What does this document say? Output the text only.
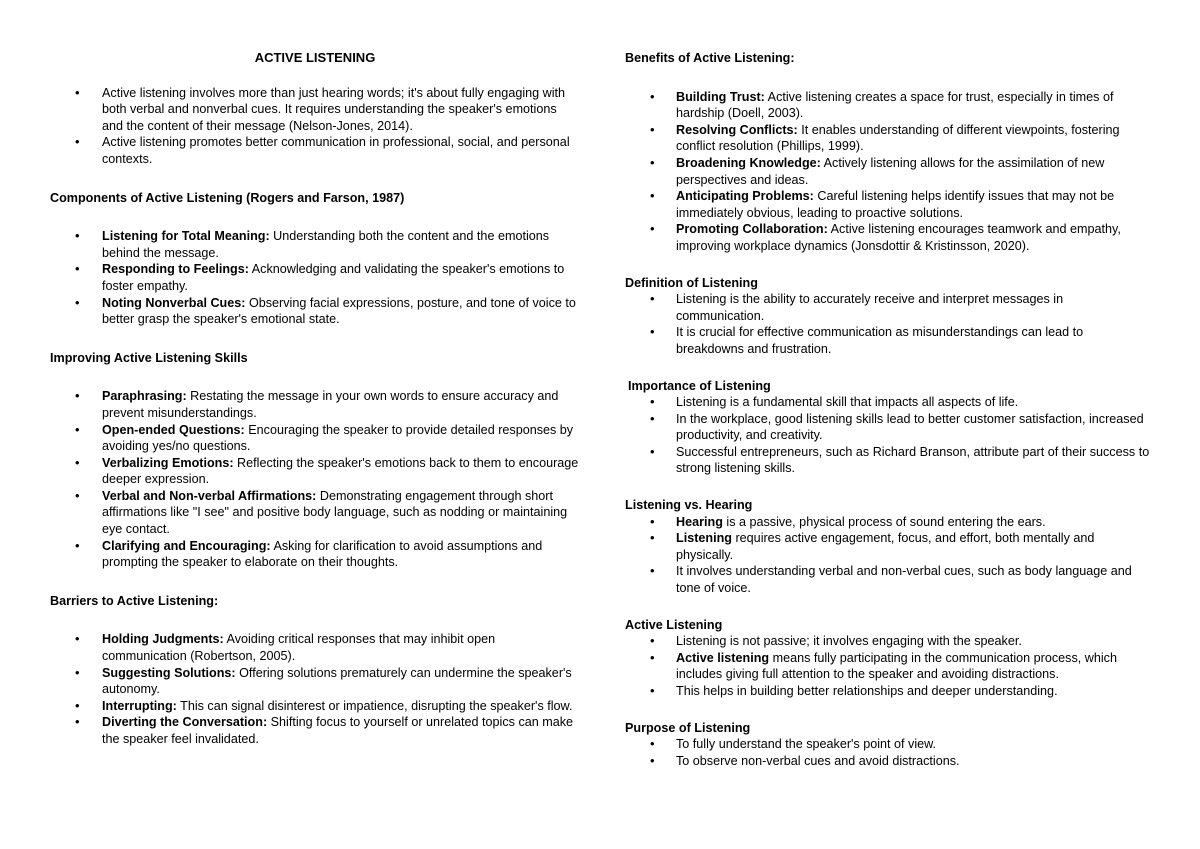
ACTIVE LISTENING
• Active listening involves more than just hearing words; it's about fully engaging with both verbal and nonverbal cues. It requires understanding the speaker's emotions and the content of their message (Nelson-Jones, 2014).
• Active listening promotes better communication in professional, social, and personal contexts.
Components of Active Listening (Rogers and Farson, 1987)
• Listening for Total Meaning: Understanding both the content and the emotions behind the message.
• Responding to Feelings: Acknowledging and validating the speaker's emotions to foster empathy.
• Noting Nonverbal Cues: Observing facial expressions, posture, and tone of voice to better grasp the speaker's emotional state.
Improving Active Listening Skills
• Paraphrasing: Restating the message in your own words to ensure accuracy and prevent misunderstandings.
• Open-ended Questions: Encouraging the speaker to provide detailed responses by avoiding yes/no questions.
• Verbalizing Emotions: Reflecting the speaker's emotions back to them to encourage deeper expression.
• Verbal and Non-verbal Affirmations: Demonstrating engagement through short affirmations like "I see" and positive body language, such as nodding or maintaining eye contact.
• Clarifying and Encouraging: Asking for clarification to avoid assumptions and prompting the speaker to elaborate on their thoughts.
Barriers to Active Listening:
• Holding Judgments: Avoiding critical responses that may inhibit open communication (Robertson, 2005).
• Suggesting Solutions: Offering solutions prematurely can undermine the speaker's autonomy.
• Interrupting: This can signal disinterest or impatience, disrupting the speaker's flow.
• Diverting the Conversation: Shifting focus to yourself or unrelated topics can make the speaker feel invalidated.
Benefits of Active Listening:
• Building Trust: Active listening creates a space for trust, especially in times of hardship (Doell, 2003).
• Resolving Conflicts: It enables understanding of different viewpoints, fostering conflict resolution (Phillips, 1999).
• Broadening Knowledge: Actively listening allows for the assimilation of new perspectives and ideas.
• Anticipating Problems: Careful listening helps identify issues that may not be immediately obvious, leading to proactive solutions.
• Promoting Collaboration: Active listening encourages teamwork and empathy, improving workplace dynamics (Jonsdottir & Kristinsson, 2020).
Definition of Listening
• Listening is the ability to accurately receive and interpret messages in communication.
• It is crucial for effective communication as misunderstandings can lead to breakdowns and frustration.
Importance of Listening
• Listening is a fundamental skill that impacts all aspects of life.
• In the workplace, good listening skills lead to better customer satisfaction, increased productivity, and creativity.
• Successful entrepreneurs, such as Richard Branson, attribute part of their success to strong listening skills.
Listening vs. Hearing
• Hearing is a passive, physical process of sound entering the ears.
• Listening requires active engagement, focus, and effort, both mentally and physically.
• It involves understanding verbal and non-verbal cues, such as body language and tone of voice.
Active Listening
• Listening is not passive; it involves engaging with the speaker.
• Active listening means fully participating in the communication process, which includes giving full attention to the speaker and avoiding distractions.
• This helps in building better relationships and deeper understanding.
Purpose of Listening
• To fully understand the speaker's point of view.
• To observe non-verbal cues and avoid distractions.
